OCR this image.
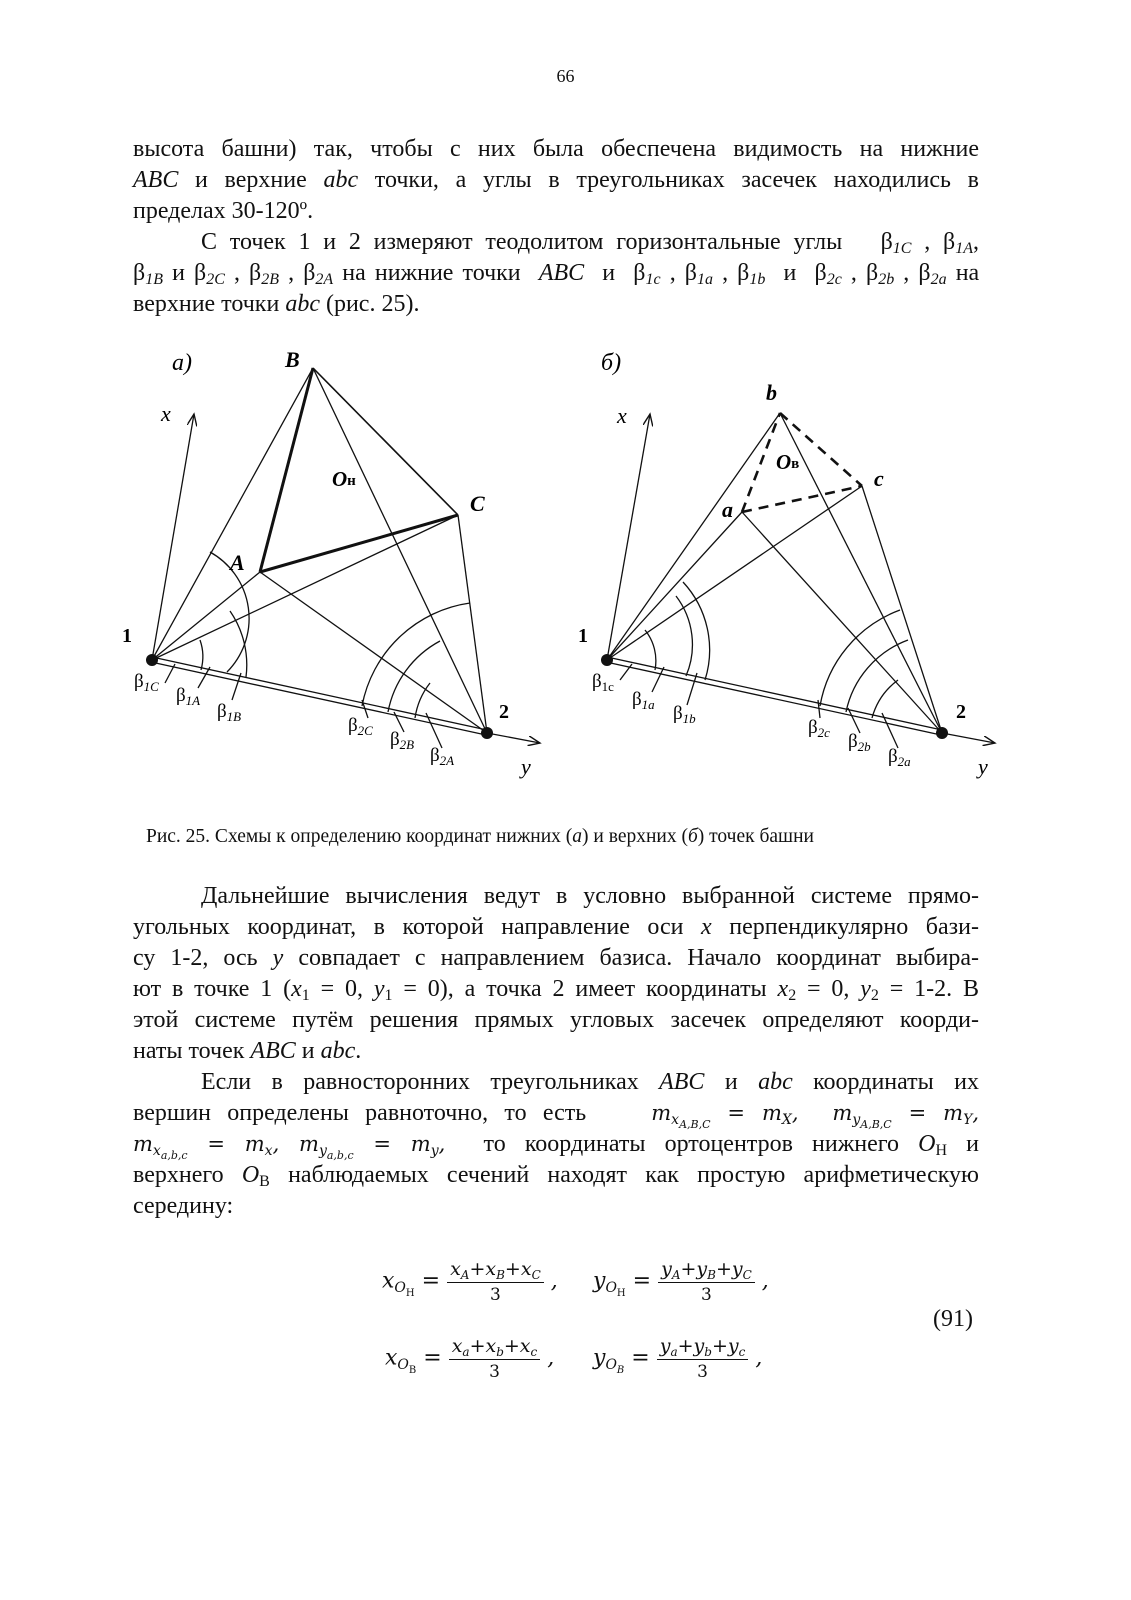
66

высота башни) так, чтобы с них была обеспечена видимость на нижние

ABC и верхние abc точки, а углы в треугольниках засечек находились в

пределах 30-120º.

С точек 1 и 2 измеряют теодолитом горизонтальные углы $\beta_{1C}$ , $\beta_{1A}$,

$\beta_{1B}$ и $\beta_{2C}$ , $\beta_{2B}$ , $\beta_{2A}$ на нижние точки ABC и $\beta_{1c}$ , $\beta_{1a}$ , $\beta_{1b}$ и $\beta_{2c}$ , $\beta_{2b}$ , $\beta_{2a}$ на

верхние точки abc (рис. 25).

а)
x
y
1
2
B
A
C
Oн
$\beta_{1C}$ $\beta_{1A}$
$\beta_{1B}$	$\beta_{2C}$ $\beta_{2B}$
$\beta_{2A}$
б)
x
y
1
2
b
a
c
Oв
$\beta_{1c}$
$\beta_{1a}$ $\beta_{1b}$	$\beta_{2c}$ $\beta_{2b}$ $\beta_{2a}$
Рис. 25. Схемы к определению координат нижних (а) и верхних (б) точек башни

Дальнейшие вычисления ведут в условно выбранной системе прямо-

угольных координат, в которой направление оси x перпендикулярно бази-

су 1-2, ось y совпадает с направлением базиса. Начало координат выбира-

ют в точке 1 ($x_1 = 0$, $y_1 = 0$), а точка 2 имеет координаты $x_2 = 0$, $y_2 = 1-2$. В

этой системе путём решения прямых угловых засечек определяют коорди-

наты точек ABC и abc.

Если в равносторонних треугольниках ABC и abc координаты их

вершин определены равноточно, то есть	$m_{x_{A,B,C}} = m_X$,  $m_{y_{A,B,C}} = m_Y$,

$m_{x_{a,b,c}} = m_x$, $m_{y_{a,b,c}} = m_y$, то координаты ортоцентров нижнего $O_Н$ и

верхнего $O_В$ наблюдаемых сечений находят как простую арифметическую

середину:

$x_{O_Н} = \frac{x_A+x_B+x_C}{3}$ , $y_{O_Н} = \frac{y_A+y_B+y_C}{3}$ ,
$x_{O_В} = \frac{x_a+x_b+x_c}{3}$ , $y_{O_B} = \frac{y_a+y_b+y_c}{3}$ ,
(91)
